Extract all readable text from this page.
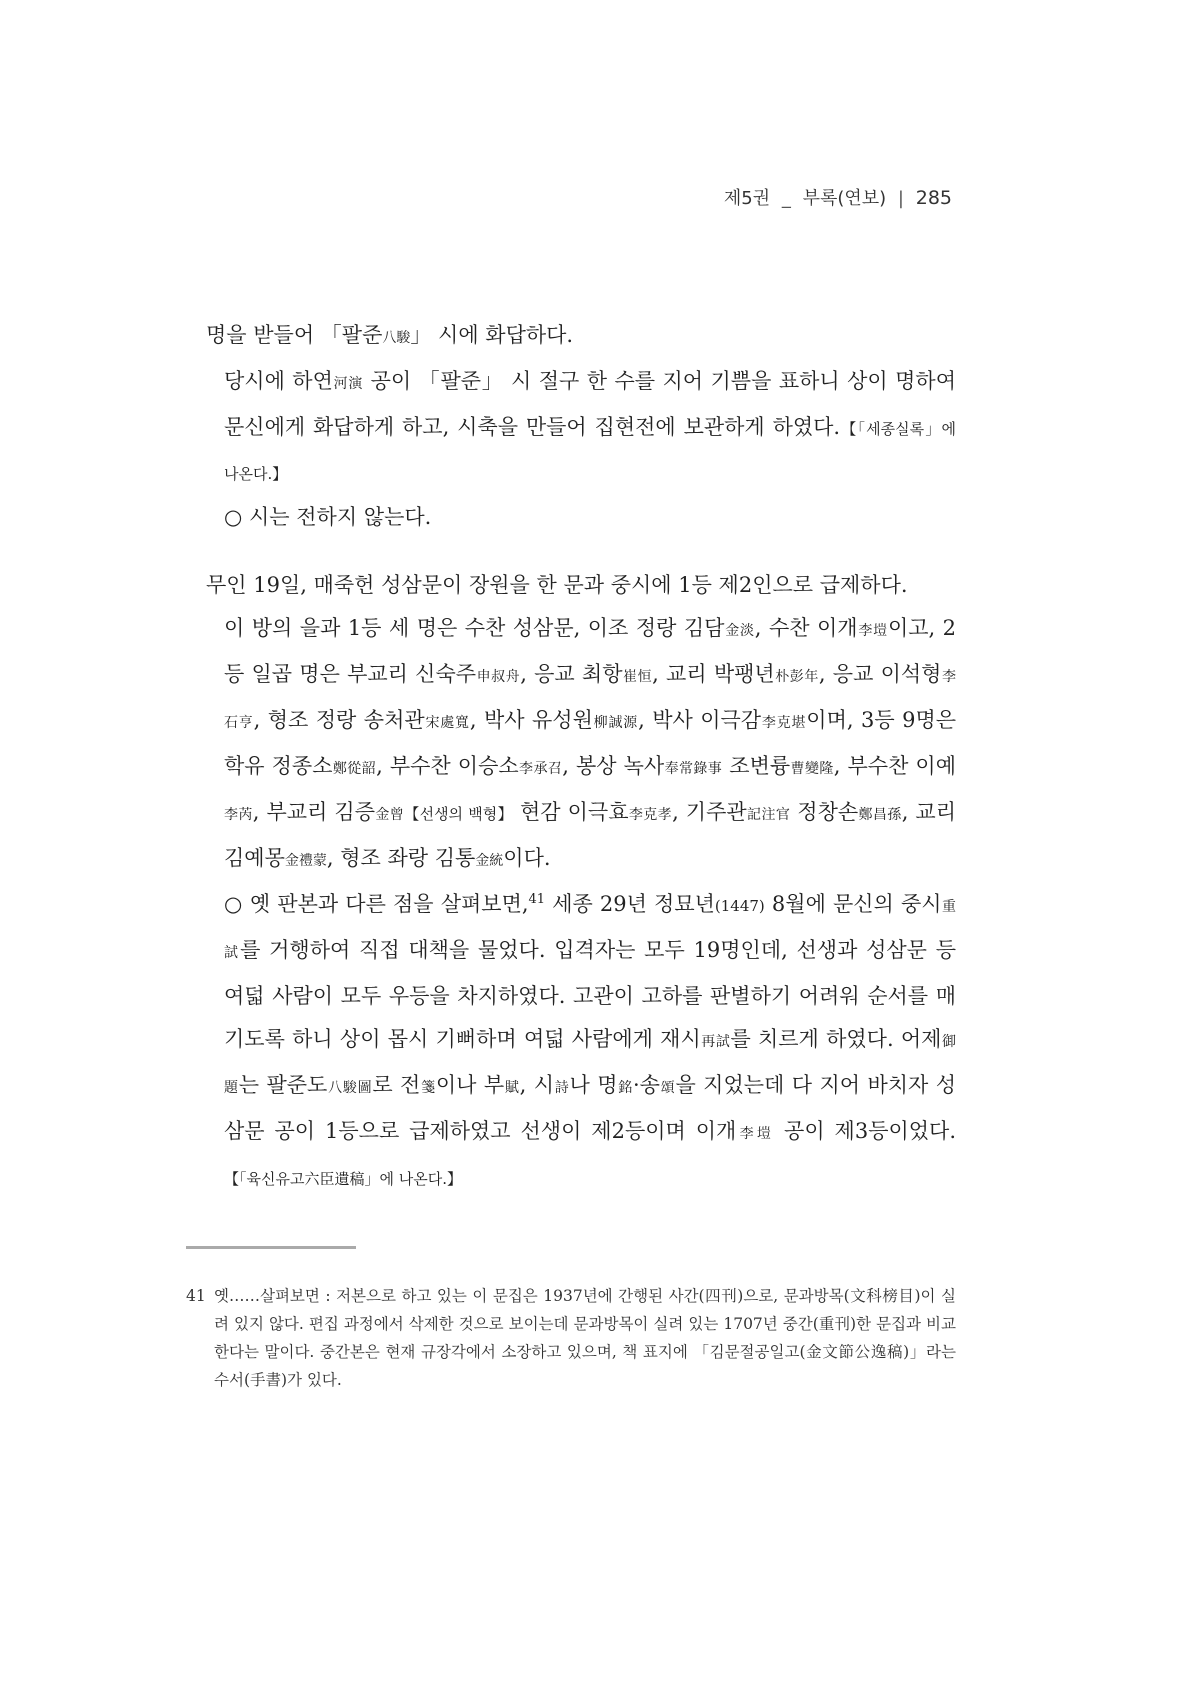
제5권 _ 부록(연보) | 285
명을 받들어 「팔준八駿」 시에 화답하다.

당시에 하연河演 공이 「팔준」 시 절구 한 수를 지어 기쁨을 표하니 상이 명하여 문신에게 화답하게 하고, 시축을 만들어 집현전에 보관하게 하였다.【「세종실록」에 나온다.】

○ 시는 전하지 않는다.

무인 19일, 매죽헌 성삼문이 장원을 한 문과 중시에 1등 제2인으로 급제하다.

이 방의 을과 1등 세 명은 수찬 성삼문, 이조 정랑 김담金淡, 수찬 이개李塏이고, 2등 일곱 명은 부교리 신숙주申叔舟, 응교 최항崔恒, 교리 박팽년朴彭年, 응교 이석형李石亨, 형조 정랑 송처관宋處寬, 박사 유성원柳誠源, 박사 이극감李克堪이며, 3등 9명은 학유 정종소鄭從韶, 부수찬 이승소李承召, 봉상 녹사奉常錄事 조변륭曹變隆, 부수찬 이예李芮, 부교리 김증金曾【선생의 백형】 현감 이극효李克孝, 기주관記注官 정창손鄭昌孫, 교리 김예몽金禮蒙, 형조 좌랑 김통金統이다.

○ 옛 판본과 다른 점을 살펴보면,$^{41}$ 세종 29년 정묘년(1447) 8월에 문신의 중시重試를 거행하여 직접 대책을 물었다. 입격자는 모두 19명인데, 선생과 성삼문 등 여덟 사람이 모두 우등을 차지하였다. 고관이 고하를 판별하기 어려워 순서를 매기도록 하니 상이 몹시 기뻐하며 여덟 사람에게 재시再試를 치르게 하였다. 어제御題는 팔준도八駿圖로 전箋이나 부賦, 시詩나 명銘·송頌을 지었는데 다 지어 바치자 성삼문 공이 1등으로 급제하였고 선생이 제2등이며 이개李塏 공이 제3등이었다.【「육신유고六臣遺稿」에 나온다.】

41 옛……살펴보면 : 저본으로 하고 있는 이 문집은 1937년에 간행된 사간(四刊)으로, 문과방목(文科榜目)이 실려 있지 않다. 편집 과정에서 삭제한 것으로 보이는데 문과방목이 실려 있는 1707년 중간(重刊)한 문집과 비교한다는 말이다. 중간본은 현재 규장각에서 소장하고 있으며, 책 표지에 「김문절공일고(金文節公逸稿)」라는 수서(手書)가 있다.
